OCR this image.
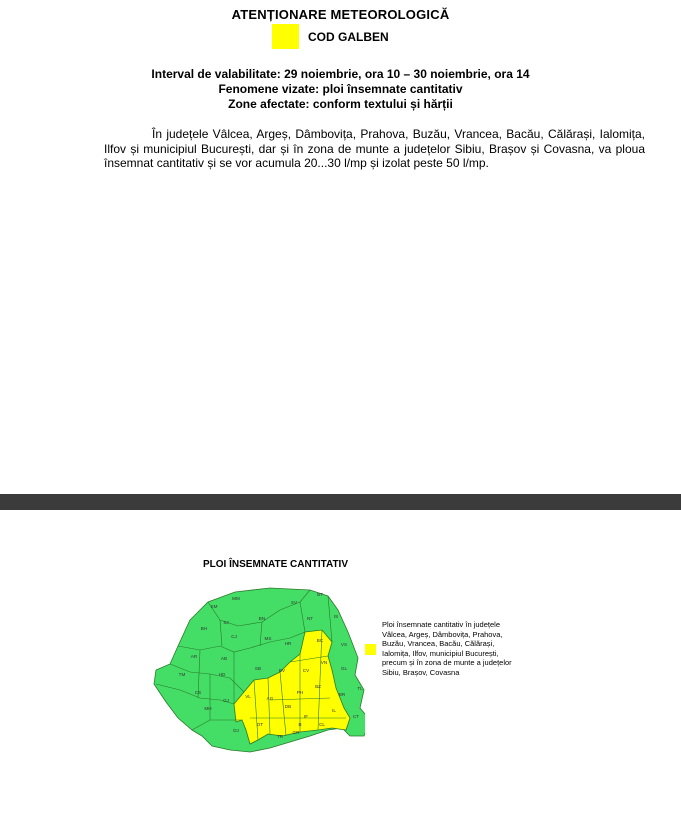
ATENȚIONARE METEOROLOGICĂ
COD GALBEN
Interval de valabilitate: 29 noiembrie, ora 10 – 30 noiembrie, ora 14
Fenomene vizate: ploi însemnate cantitativ
Zone afectate: conform textului și hărții
În județele Vâlcea, Argeș, Dâmbovița, Prahova, Buzău, Vrancea, Bacău, Călărași, Ialomița, Ilfov și municipiul București, dar și în zona de munte a județelor Sibiu, Brașov și Covasna, va ploua însemnat cantitativ și se vor acumula 20...30 l/mp și izolat peste 50 l/mp.
PLOI ÎNSEMNATE CANTITATIV
SM
MM
SV
BT
SJ
BN
BH
CJ	MS
NT	IS
AR
HR
BC
VS
AB
CV
VN
GL
TM	HD
SB	BV
BZ
BR
CS
VL	AG
PH
TL
IL
GJ
DB
MH
DJ
OT
TR
GR
CL
CT
IF
B
Ploi însemnate cantitativ în județele Vâlcea, Argeș, Dâmbovița, Prahova, Buzău, Vrancea, Bacău, Călărași, Ialomița, Ilfov, municipiul București, precum și în zona de munte a județelor Sibiu, Brașov, Covasna
